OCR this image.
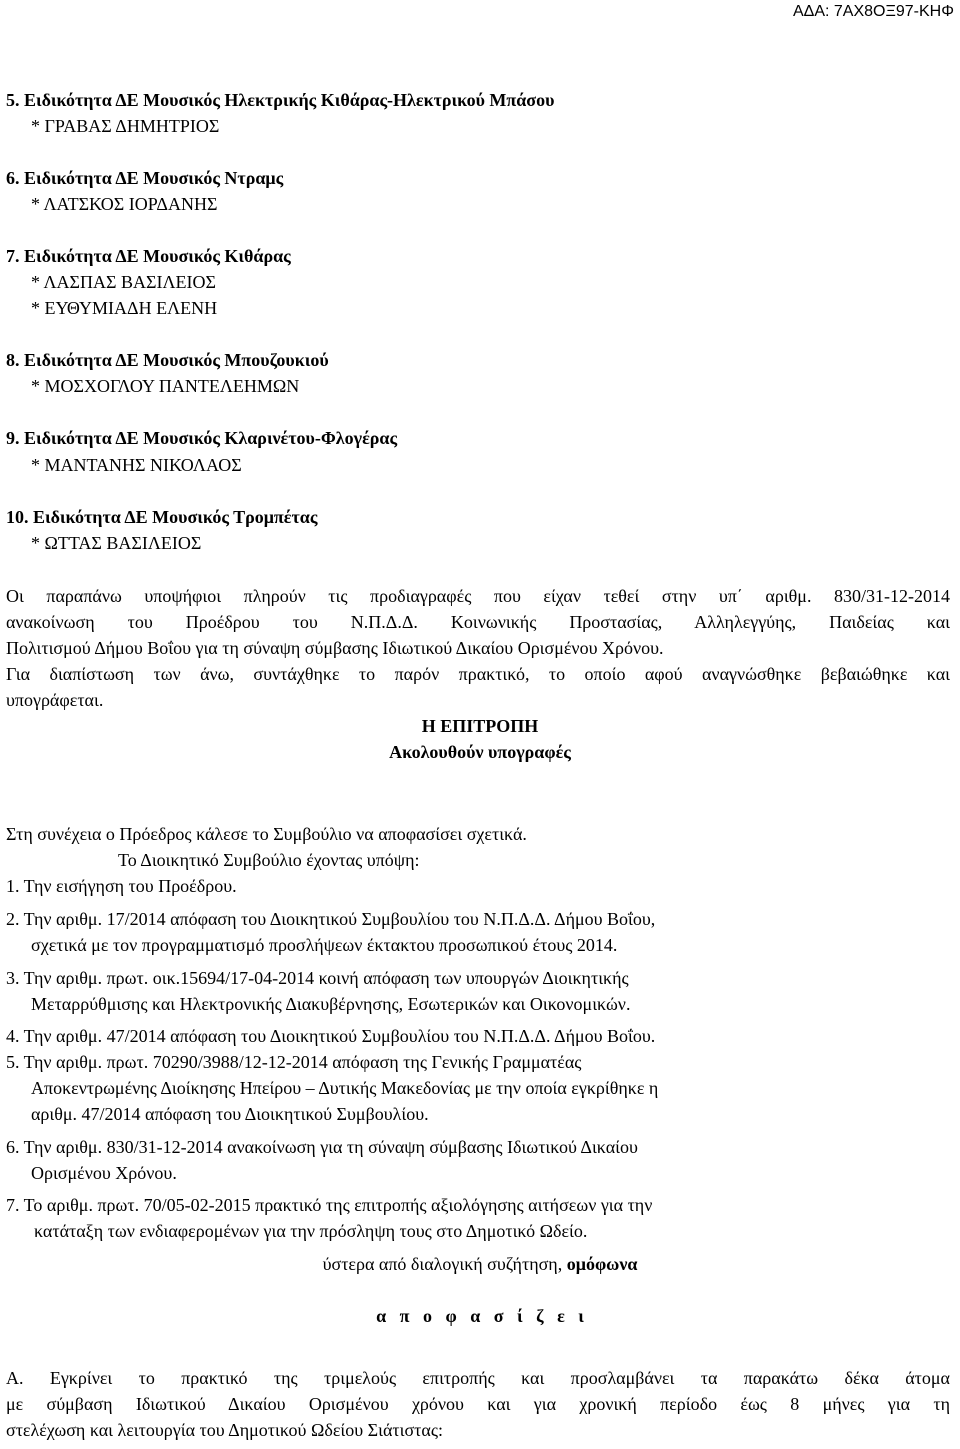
ΑΔΑ: 7ΑΧ8ΟΞ97-ΚΗΦ
5. Ειδικότητα ΔΕ Μουσικός Ηλεκτρικής Κιθάρας-Ηλεκτρικού Μπάσου
* ΓΡΑΒΑΣ ΔΗΜΗΤΡΙΟΣ
6. Ειδικότητα ΔΕ Μουσικός Ντραμς
* ΛΑΤΣΚΟΣ ΙΟΡΔΑΝΗΣ
7. Ειδικότητα ΔΕ Μουσικός Κιθάρας
* ΛΑΣΠΑΣ ΒΑΣΙΛΕΙΟΣ
* ΕΥΘΥΜΙΑΔΗ ΕΛΕΝΗ
8. Ειδικότητα ΔΕ Μουσικός Μπουζουκιού
* ΜΟΣΧΟΓΛΟΥ ΠΑΝΤΕΛΕΗΜΩΝ
9. Ειδικότητα ΔΕ Μουσικός Κλαρινέτου-Φλογέρας
* ΜΑΝΤΑΝΗΣ ΝΙΚΟΛΑΟΣ
10. Ειδικότητα ΔΕ Μουσικός Τρομπέτας
* ΩΤΤΑΣ ΒΑΣΙΛΕΙΟΣ
Οι παραπάνω υποψήφιοι πληρούν τις προδιαγραφές που είχαν τεθεί στην υπ΄ αριθμ. 830/31-12-2014
ανακοίνωση του Προέδρου του Ν.Π.Δ.Δ. Κοινωνικής Προστασίας, Αλληλεγγύης, Παιδείας και
Πολιτισμού Δήμου Βοΐου για τη σύναψη σύμβασης Ιδιωτικού Δικαίου Ορισμένου Χρόνου.
Για διαπίστωση των άνω, συντάχθηκε το παρόν πρακτικό, το οποίο αφού αναγνώσθηκε βεβαιώθηκε και
υπογράφεται.
Η ΕΠΙΤΡΟΠΗ
Ακολουθούν υπογραφές
Στη συνέχεια ο Πρόεδρος κάλεσε το Συμβούλιο να αποφασίσει σχετικά.
Το Διοικητικό Συμβούλιο έχοντας υπόψη:
1. Την εισήγηση του Προέδρου.
2. Την αριθμ. 17/2014 απόφαση του Διοικητικού Συμβουλίου του Ν.Π.Δ.Δ. Δήμου Βοΐου,
σχετικά με τον προγραμματισμό προσλήψεων έκτακτου προσωπικού έτους 2014.
3. Την αριθμ. πρωτ. οικ.15694/17-04-2014 κοινή απόφαση των υπουργών Διοικητικής
Μεταρρύθμισης και Ηλεκτρονικής Διακυβέρνησης, Εσωτερικών και Οικονομικών.
4. Την αριθμ. 47/2014 απόφαση του Διοικητικού Συμβουλίου του Ν.Π.Δ.Δ. Δήμου Βοΐου.
5. Την αριθμ. πρωτ. 70290/3988/12-12-2014 απόφαση της Γενικής Γραμματέας
Αποκεντρωμένης Διοίκησης Ηπείρου – Δυτικής Μακεδονίας με την οποία εγκρίθηκε η
αριθμ. 47/2014 απόφαση του Διοικητικού Συμβουλίου.
6. Την αριθμ. 830/31-12-2014 ανακοίνωση για τη σύναψη σύμβασης Ιδιωτικού Δικαίου
Ορισμένου Χρόνου.
7. Το αριθμ. πρωτ. 70/05-02-2015 πρακτικό της επιτροπής αξιολόγησης αιτήσεων για την
κατάταξη των ενδιαφερομένων για την πρόσληψη τους στο Δημοτικό Ωδείο.
ύστερα από διαλογική συζήτηση, ομόφωνα
α   π   ο   φ   α   σ   ί   ζ   ε   ι
Α. Εγκρίνει το πρακτικό της τριμελούς επιτροπής και προσλαμβάνει τα παρακάτω δέκα άτομα
με σύμβαση Ιδιωτικού Δικαίου Ορισμένου χρόνου και για χρονική περίοδο έως 8 μήνες για τη
στελέχωση και λειτουργία του Δημοτικού Ωδείου Σιάτιστας:
